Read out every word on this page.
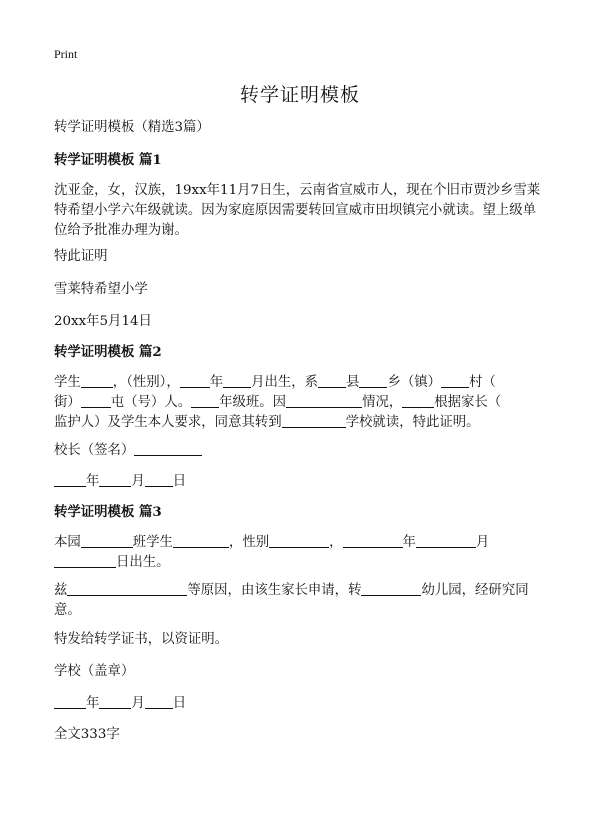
Print
转学证明模板
转学证明模板（精选3篇）
转学证明模板 篇1
沈亚金，女，汉族，19xx年11月7日生，云南省宣威市人，现在个旧市贾沙乡雪莱
特希望小学六年级就读。因为家庭原因需要转回宣威市田坝镇完小就读。望上级单
位给予批准办理为谢。
特此证明
雪莱特希望小学
20xx年5月14日
转学证明模板 篇2
学生 ，（性别）， 年 月出生，系 县 乡（镇） 村（
街） 屯（号）人。 年级班。因	情况， 根据家长（
监护人）及学生本人要求，同意其转到	学校就读，特此证明。
校长（签名）
年 月 日
转学证明模板 篇3
本园	班学生	，性别	，	年	月
日出生。
兹	等原因，由该生家长申请，转	幼儿园，经研究同
意。
特发给转学证书，以资证明。
学校（盖章）
年 月 日
全文333字
